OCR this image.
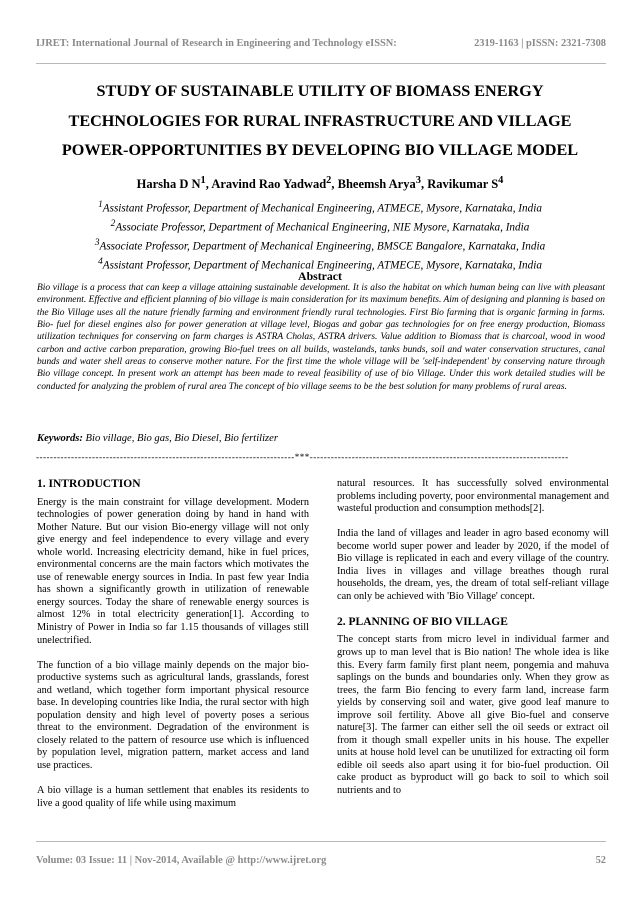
IJRET: International Journal of Research in Engineering and Technology eISSN:	2319-1163 | pISSN: 2321-7308
STUDY OF SUSTAINABLE UTILITY OF BIOMASS ENERGY
TECHNOLOGIES FOR RURAL INFRASTRUCTURE AND VILLAGE
POWER-OPPORTUNITIES BY DEVELOPING BIO VILLAGE MODEL
Harsha D $N^1$, Aravind Rao Yadwad$^2$, Bheemsh Arya$^3$, Ravikumar $S^4$
$^1$Assistant Professor, Department of Mechanical Engineering, ATMECE, Mysore, Karnataka, India
$^2$Associate Professor, Department of Mechanical Engineering, NIE Mysore, Karnataka, India
$^3$Associate Professor, Department of Mechanical Engineering, BMSCE Bangalore, Karnataka, India
$^4$Assistant Professor, Department of Mechanical Engineering, ATMECE, Mysore, Karnataka, India
Abstract
Bio village is a process that can keep a village attaining sustainable development. It is also the habitat on which human being can live with pleasant environment. Effective and efficient planning of bio village is main consideration for its maximum benefits. Aim of designing and planning is based on the Bio Village uses all the nature friendly farming and environment friendly rural technologies. First Bio farming that is organic farming in farms. Bio- fuel for diesel engines also for power generation at village level, Biogas and gobar gas technologies for on free energy production, Biomass utilization techniques for conserving on farm charges is ASTRA Cholas, ASTRA drivers. Value addition to Biomass that is charcoal, wood in wood carbon and active carbon preparation, growing Bio-fuel trees on all builds, wastelands, tanks bunds, soil and water conservation structures, canal bunds and water shell areas to conserve mother nature. For the first time the whole village will be 'self-independent' by conserving nature through Bio village concept. In present work an attempt has been made to reveal feasibility of use of bio Village. Under this work detailed studies will be conducted for analyzing the problem of rural area The concept of bio village seems to be the best solution for many problems of rural areas.
Keywords: Bio village, Bio gas, Bio Diesel, Bio fertilizer
--------------------------------------------------------------------------***--------------------------------------------------------------------------
1. INTRODUCTION

Energy is the main constraint for village development. Modern technologies of power generation doing by hand in hand with Mother Nature. But our vision Bio-energy village will not only give energy and feel independence to every village and every whole world. Increasing electricity demand, hike in fuel prices, environmental concerns are the main factors which motivates the use of renewable energy sources in India. In past few year India has shown a significantly growth in utilization of renewable energy sources. Today the share of renewable energy sources is almost 12% in total electricity generation[1]. According to Ministry of Power in India so far 1.15 thousands of villages still unelectrified.

The function of a bio village mainly depends on the major bio-productive systems such as agricultural lands, grasslands, forest and wetland, which together form important physical resource base. In developing countries like India, the rural sector with high population density and high level of poverty poses a serious threat to the environment. Degradation of the environment is closely related to the pattern of resource use which is influenced by population level, migration pattern, market access and land use practices.

A bio village is a human settlement that enables its residents to live a good quality of life while using maximum

natural resources. It has successfully solved environmental problems including poverty, poor environmental management and wasteful production and consumption methods[2].

India the land of villages and leader in agro based economy will become world super power and leader by 2020, if the model of Bio village is replicated in each and every village of the country. India lives in villages and village breathes though rural households, the dream, yes, the dream of total self-reliant village can only be achieved with 'Bio Village' concept.

2. PLANNING OF BIO VILLAGE

The concept starts from micro level in individual farmer and grows up to man level that is Bio nation! The whole idea is like this. Every farm family first plant neem, pongemia and mahuva saplings on the bunds and boundaries only. When they grow as trees, the farm Bio fencing to every farm land, increase farm yields by conserving soil and water, give good leaf manure to improve soil fertility. Above all give Bio-fuel and conserve nature[3]. The farmer can either sell the oil seeds or extract oil from it though small expeller units in his house. The expeller units at house hold level can be unutilized for extracting oil form edible oil seeds also apart using it for bio-fuel production. Oil cake product as byproduct will go back to soil to which soil nutrients and to

Volume: 03 Issue: 11 | Nov-2014, Available @ http://www.ijret.org	52
